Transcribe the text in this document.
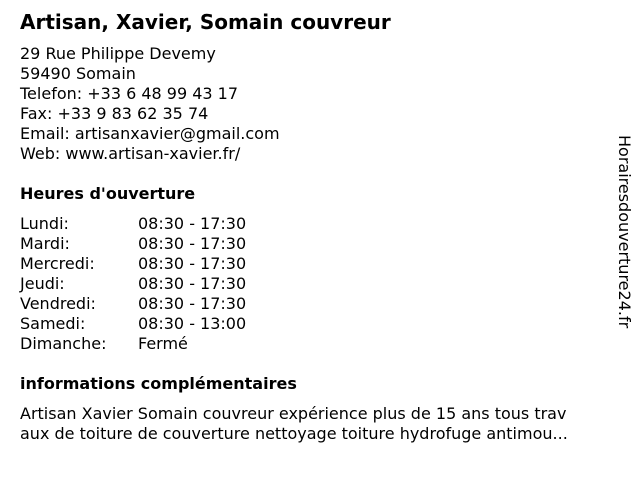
Artisan, Xavier, Somain couvreur
29 Rue Philippe Devemy
59490 Somain
Telefon: +33 6 48 99 43 17
Fax: +33 9 83 62 35 74
Email: artisanxavier@gmail.com
Web: www.artisan-xavier.fr/
Heures d'ouverture
Lundi:	08:30 - 17:30
Mardi:	08:30 - 17:30
Mercredi:	08:30 - 17:30
Jeudi:	08:30 - 17:30
Vendredi:	08:30 - 17:30
Samedi:	08:30 - 13:00
Dimanche: Fermé
informations complémentaires
Artisan Xavier Somain couvreur expérience plus de 15 ans tous trav
aux de toiture de couverture nettoyage toiture hydrofuge antimou...
Horairesdouverture24.fr
